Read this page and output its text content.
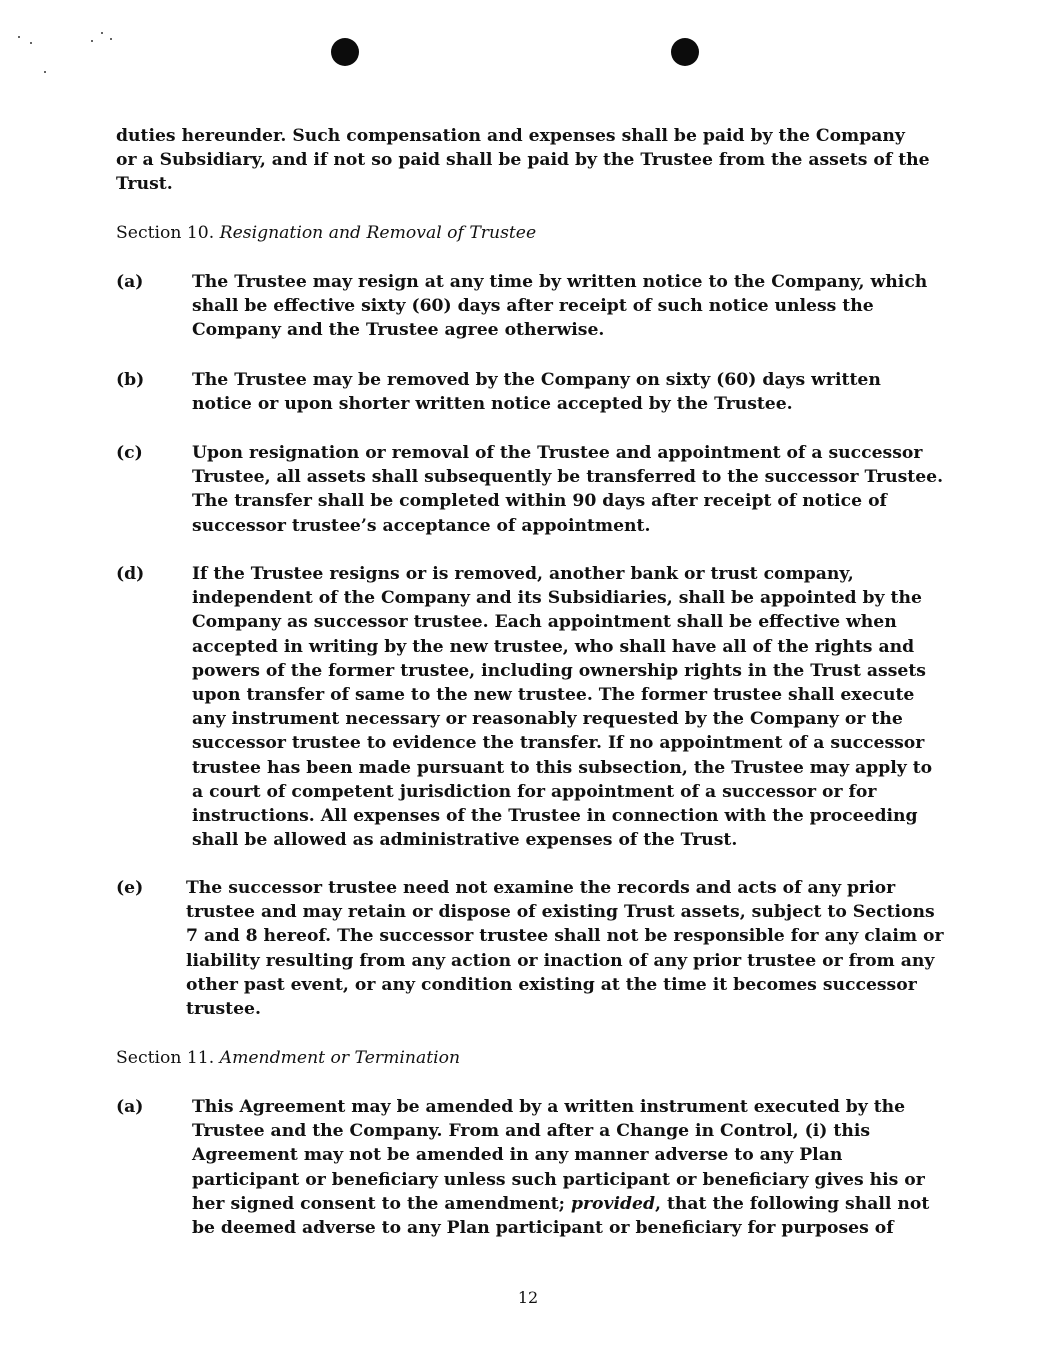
duties hereunder. Such compensation and expenses shall be paid by the Company
or a Subsidiary, and if not so paid shall be paid by the Trustee from the assets of the
Trust.

Section 10. Resignation and Removal of Trustee
(a)	The Trustee may resign at any time by written notice to the Company, which
shall be effective sixty (60) days after receipt of such notice unless the
Company and the Trustee agree otherwise.

(b)	The Trustee may be removed by the Company on sixty (60) days written
notice or upon shorter written notice accepted by the Trustee.

(c)	Upon resignation or removal of the Trustee and appointment of a successor
Trustee, all assets shall subsequently be transferred to the successor Trustee.
The transfer shall be completed within 90 days after receipt of notice of
successor trustee’s acceptance of appointment.

(d)	If the Trustee resigns or is removed, another bank or trust company,
independent of the Company and its Subsidiaries, shall be appointed by the
Company as successor trustee. Each appointment shall be effective when
accepted in writing by the new trustee, who shall have all of the rights and
powers of the former trustee, including ownership rights in the Trust assets
upon transfer of same to the new trustee. The former trustee shall execute
any instrument necessary or reasonably requested by the Company or the
successor trustee to evidence the transfer. If no appointment of a successor
trustee has been made pursuant to this subsection, the Trustee may apply to
a court of competent jurisdiction for appointment of a successor or for
instructions. All expenses of the Trustee in connection with the proceeding
shall be allowed as administrative expenses of the Trust.

(e) The successor trustee need not examine the records and acts of any prior
trustee and may retain or dispose of existing Trust assets, subject to Sections
7 and 8 hereof. The successor trustee shall not be responsible for any claim or
liability resulting from any action or inaction of any prior trustee or from any
other past event, or any condition existing at the time it becomes successor
trustee.

Section 11. Amendment or Termination
(a)	This Agreement may be amended by a written instrument executed by the
Trustee and the Company. From and after a Change in Control, (i) this
Agreement may not be amended in any manner adverse to any Plan
participant or beneficiary unless such participant or beneficiary gives his or
her signed consent to the amendment; provided, that the following shall not
be deemed adverse to any Plan participant or beneficiary for purposes of

12
